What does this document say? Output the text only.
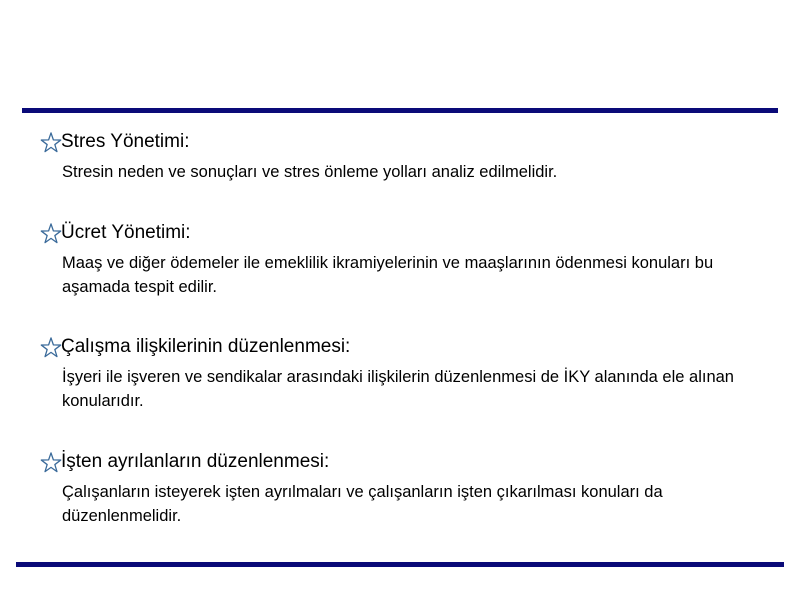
Stres Yönetimi:
Stresin neden ve sonuçları ve stres önleme yolları analiz edilmelidir.
Ücret Yönetimi:
Maaş ve diğer ödemeler ile emeklilik ikramiyelerinin ve maaşlarının ödenmesi konuları bu aşamada tespit edilir.
Çalışma ilişkilerinin düzenlenmesi:
İşyeri ile işveren ve sendikalar arasındaki ilişkilerin düzenlenmesi de İKY alanında ele alınan konularıdır.
İşten ayrılanların düzenlenmesi:
Çalışanların isteyerek işten ayrılmaları ve çalışanların işten çıkarılması konuları da düzenlenmelidir.
